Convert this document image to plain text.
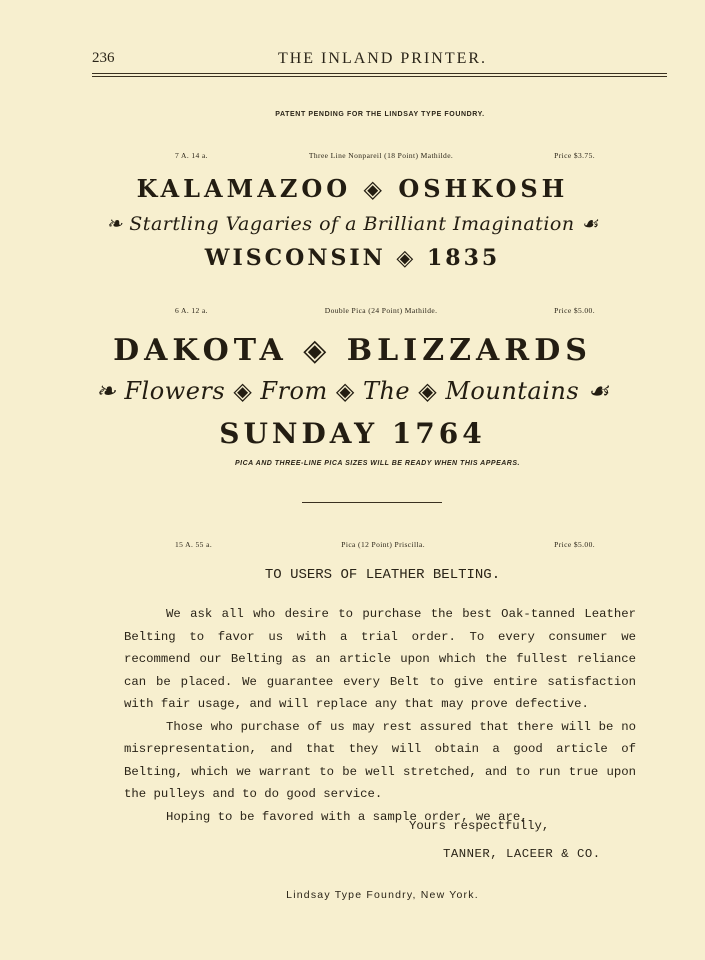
236	THE INLAND PRINTER.
PATENT PENDING FOR THE LINDSAY TYPE FOUNDRY.
7 A. 14 a.	Three Line Nonpareil (18 Point) Mathilde.	Price $3.75.
KALAMAZOO ◈ OSHKOSH
❧ Startling Vagaries of a Brilliant Imagination ☙
WISCONSIN ◈ 1835
6 A. 12 a.	Double Pica (24 Point) Mathilde.	Price $5.00.
DAKOTA ◈ BLIZZARDS
❧ Flowers ◈ From ◈ The ◈ Mountains ☙
SUNDAY 1764
PICA AND THREE-LINE PICA SIZES WILL BE READY WHEN THIS APPEARS.
15 A. 55 a.	Pica (12 Point) Priscilla.	Price $5.00.
TO USERS OF LEATHER BELTING.

We ask all who desire to purchase the best Oak-tanned Leather Belting to favor us with a trial order. To every consumer we recommend our Belting as an article upon which the fullest reliance can be placed. We guarantee every Belt to give entire satisfaction with fair usage, and will replace any that may prove defective.

Those who purchase of us may rest assured that there will be no misrepresentation, and that they will obtain a good article of Belting, which we warrant to be well stretched, and to run true upon the pulleys and to do good service.

Hoping to be favored with a sample order, we are,

Yours respectfully,
TANNER, LACEER & CO.
Lindsay Type Foundry, New York.
